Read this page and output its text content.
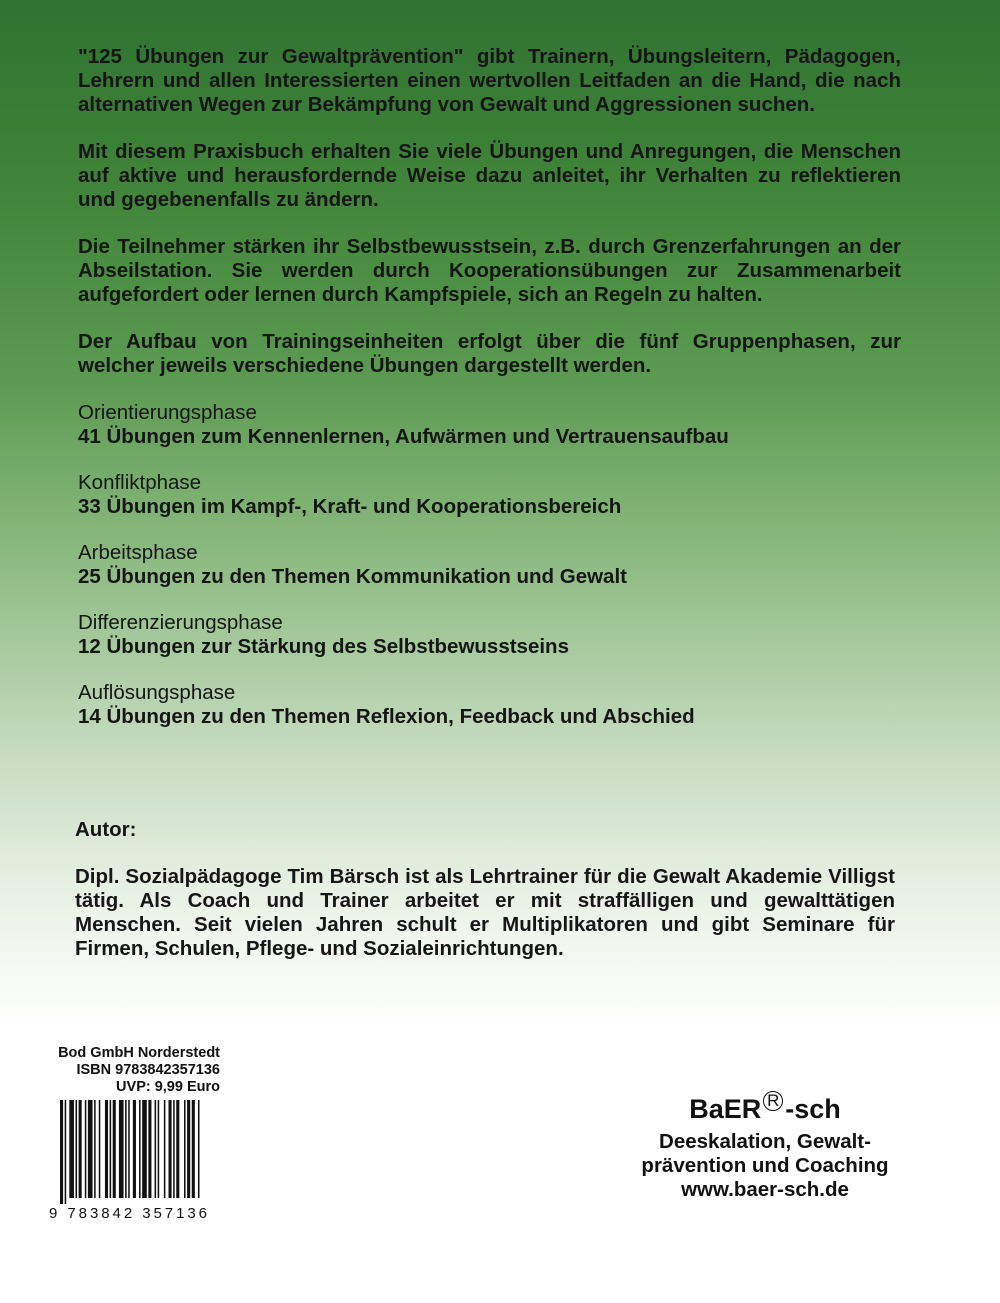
"125 Übungen zur Gewaltprävention" gibt Trainern, Übungsleitern, Pädagogen, Lehrern und allen Interessierten einen wertvollen Leitfaden an die Hand, die nach alternativen Wegen zur Bekämpfung von Gewalt und Aggressionen suchen.

Mit diesem Praxisbuch erhalten Sie viele Übungen und Anregungen, die Menschen auf aktive und herausfordernde Weise dazu anleitet, ihr Verhalten zu reflektieren und gegebenenfalls zu ändern.

Die Teilnehmer stärken ihr Selbstbewusstsein, z.B. durch Grenzerfahrungen an der Abseilstation. Sie werden durch Kooperationsübungen zur Zusammenarbeit aufgefordert oder lernen durch Kampfspiele, sich an Regeln zu halten.

Der Aufbau von Trainingseinheiten erfolgt über die fünf Gruppenphasen, zur welcher jeweils verschiedene Übungen dargestellt werden.

Orientierungsphase
41 Übungen zum Kennenlernen, Aufwärmen und Vertrauensaufbau
Konfliktphase
33 Übungen im Kampf-, Kraft- und Kooperationsbereich
Arbeitsphase
25 Übungen zu den Themen Kommunikation und Gewalt
Differenzierungsphase
12 Übungen zur Stärkung des Selbstbewusstseins
Auflösungsphase
14 Übungen zu den Themen Reflexion, Feedback und Abschied

Autor:

Dipl. Sozialpädagoge Tim Bärsch ist als Lehrtrainer für die Gewalt Akademie Villigst tätig. Als Coach und Trainer arbeitet er mit straffälligen und gewalttätigen Menschen. Seit vielen Jahren schult er Multiplikatoren und gibt Seminare für Firmen, Schulen, Pflege- und Sozialeinrichtungen.

Bod GmbH Norderstedt
ISBN 9783842357136
UVP: 9,99 Euro
9 783842 357136
BaER R -sch
Deeskalation, Gewalt-
prävention und Coaching
www.baer-sch.de
